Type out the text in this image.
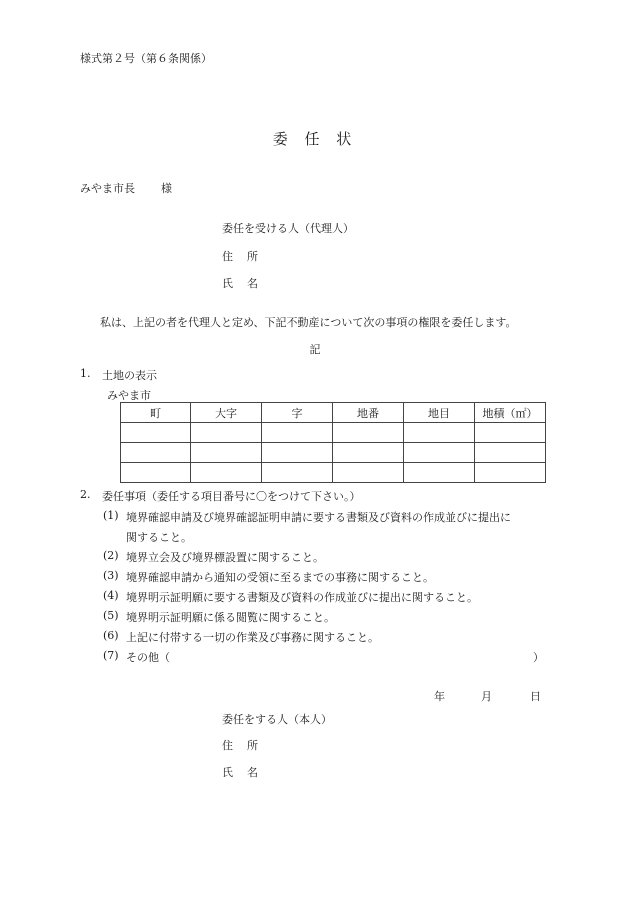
様式第２号（第６条関係）
委 任 状
みやま市長 様
委任を受ける人（代理人）
住 所
氏 名
私は、上記の者を代理人と定め、下記不動産について次の事項の権限を委任します。
記
1. 土地の表示
みやま市
町	大字	字	地番	地目	地積（㎡）

2. 委任事項（委任する項目番号に〇をつけて下さい。）
(1) 境界確認申請及び境界確認証明申請に要する書類及び資料の作成並びに提出に
関すること。
(2) 境界立会及び境界標設置に関すること。
(3) 境界確認申請から通知の受領に至るまでの事務に関すること。
(4) 境界明示証明願に要する書類及び資料の作成並びに提出に関すること。
(5) 境界明示証明願に係る閲覧に関すること。
(6) 上記に付帯する一切の作業及び事務に関すること。
(7) その他（	）
年	月	日
委任をする人（本人）
住 所
氏 名
